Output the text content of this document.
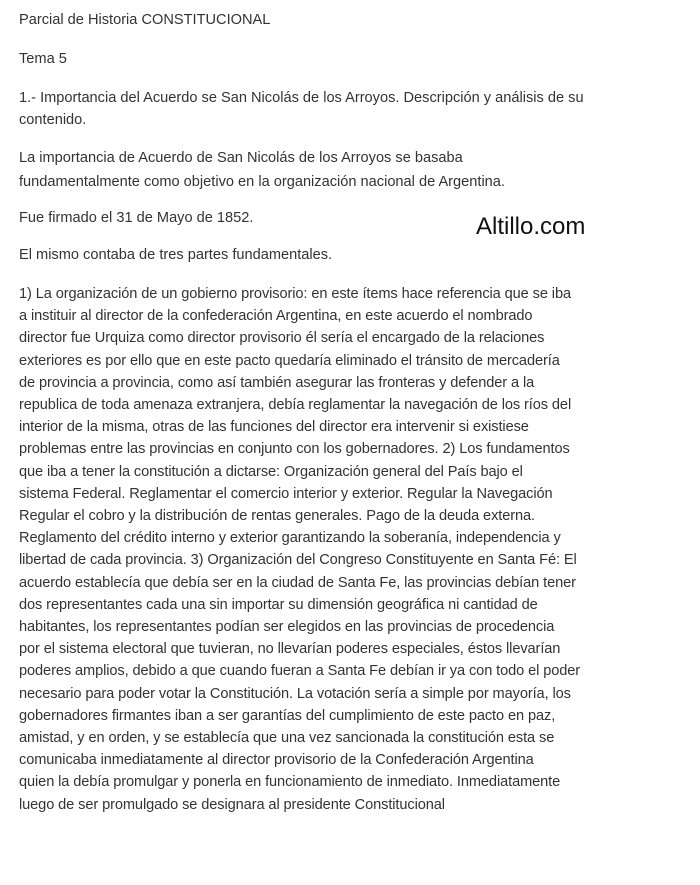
Altillo.com
Parcial de Historia CONSTITUCIONAL
Tema 5
1.- Importancia del Acuerdo se San Nicolás de los Arroyos. Descripción y análisis de su
contenido.
La importancia de Acuerdo de San Nicolás de los Arroyos se basaba
fundamentalmente como objetivo en la organización nacional de Argentina.
Fue firmado el 31 de Mayo de 1852.
El mismo contaba de tres partes fundamentales.
1) La organización de un gobierno provisorio: en este ítems hace referencia que se iba
a instituir al director de la confederación Argentina, en este acuerdo el nombrado
director fue Urquiza como director provisorio él sería el encargado de la relaciones
exteriores es por ello que en este pacto quedaría eliminado el tránsito de mercadería
de provincia a provincia, como así también asegurar las fronteras y defender a la
republica de toda amenaza extranjera, debía reglamentar la navegación de los ríos del
interior de la misma, otras de las funciones del director era intervenir si existiese
problemas entre las provincias en conjunto con los gobernadores. 2) Los fundamentos
que iba a tener la constitución a dictarse: Organización general del País bajo el
sistema Federal. Reglamentar el comercio interior y exterior. Regular la Navegación
Regular el cobro y la distribución de rentas generales. Pago de la deuda externa.
Reglamento del crédito interno y exterior garantizando la soberanía, independencia y
libertad de cada provincia. 3) Organización del Congreso Constituyente en Santa Fé: El
acuerdo establecía que debía ser en la ciudad de Santa Fe, las provincias debían tener
dos representantes cada una sin importar su dimensión geográfica ni cantidad de
habitantes, los representantes podían ser elegidos en las provincias de procedencia
por el sistema electoral que tuvieran, no llevarían poderes especiales, éstos llevarían
poderes amplios, debido a que cuando fueran a Santa Fe debían ir ya con todo el poder
necesario para poder votar la Constitución. La votación sería a simple por mayoría, los
gobernadores firmantes iban a ser garantías del cumplimiento de este pacto en paz,
amistad, y en orden, y se establecía que una vez sancionada la constitución esta se
comunicaba inmediatamente al director provisorio de la Confederación Argentina
quien la debía promulgar y ponerla en funcionamiento de inmediato. Inmediatamente
luego de ser promulgado se designara al presidente Constitucional
